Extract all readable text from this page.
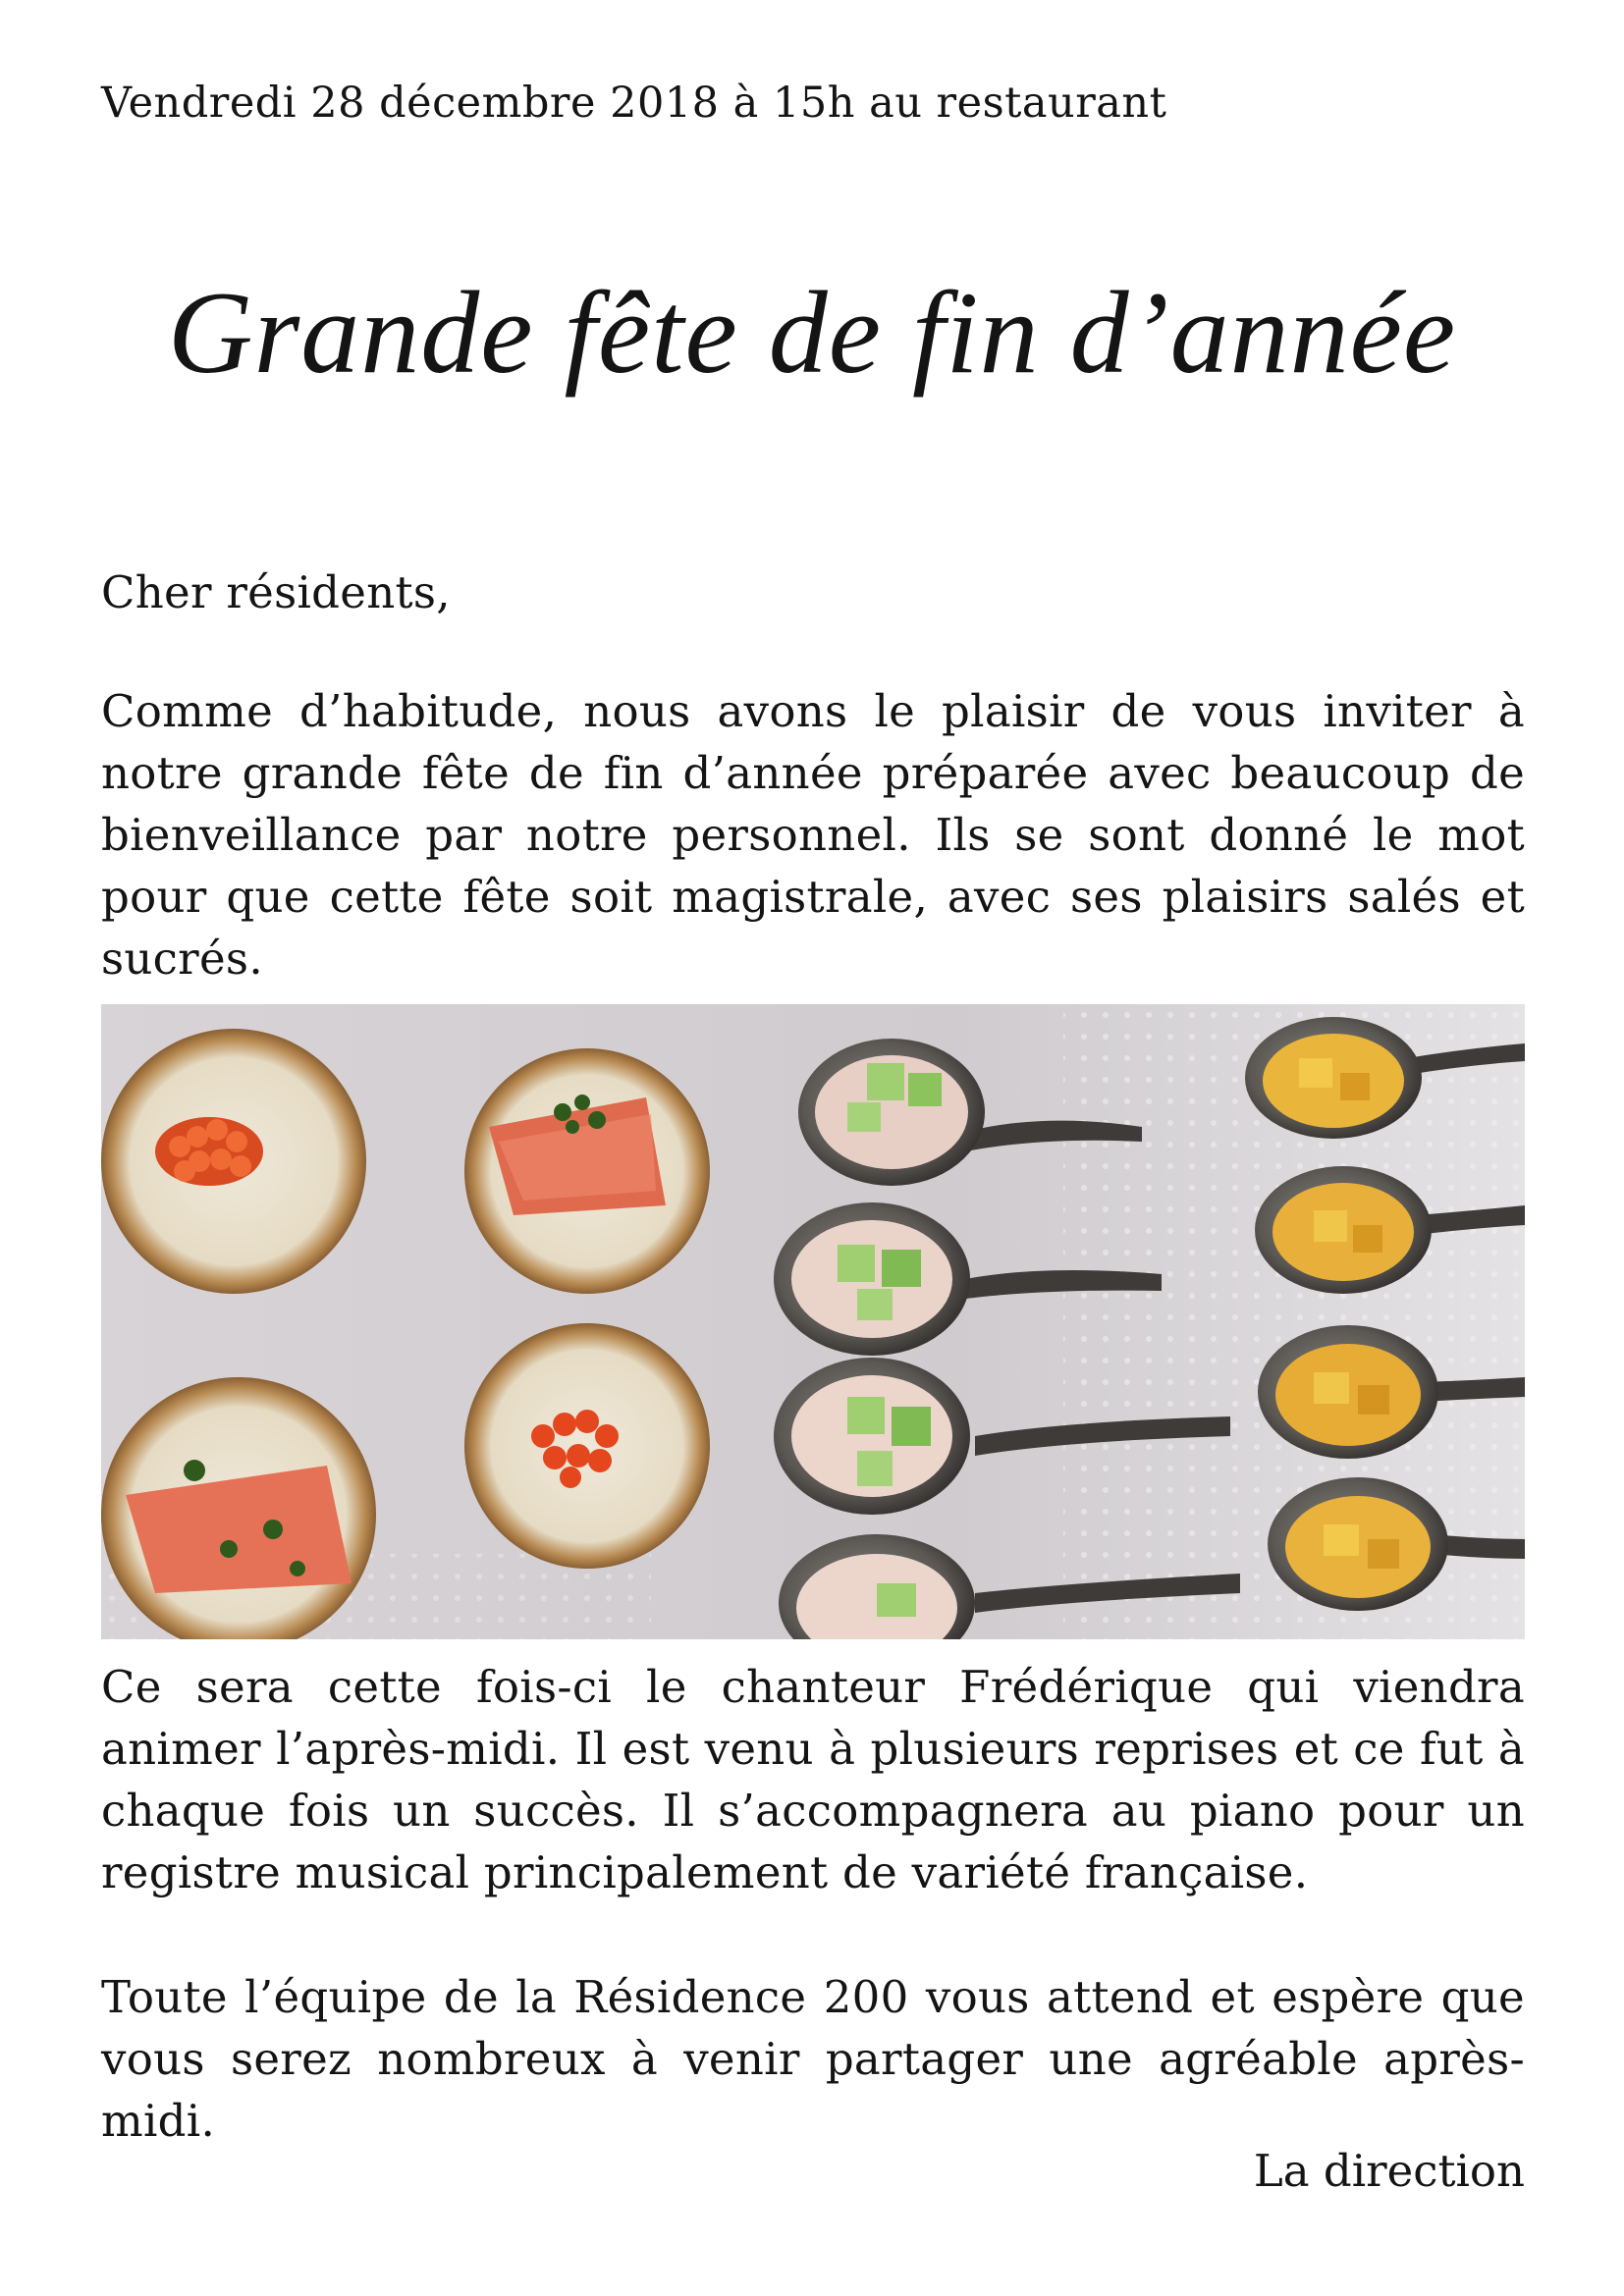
Vendredi 28 décembre 2018 à 15h au restaurant
Grande fête de fin d’année
Cher résidents,
Comme d’habitude, nous avons le plaisir de vous inviter à notre grande fête de fin d’année préparée avec beaucoup de bienveillance par notre personnel. Ils se sont donné le mot pour que cette fête soit magistrale, avec ses plaisirs salés et sucrés.
Ce sera cette fois-ci le chanteur Frédérique qui viendra animer l’après-midi. Il est venu à plusieurs reprises et ce fut à chaque fois un succès. Il s’accompagnera au piano pour un registre musical principalement de variété française.
Toute l’équipe de la Résidence 200 vous attend et espère que vous serez nombreux à venir partager une agréable après-midi.
La direction
